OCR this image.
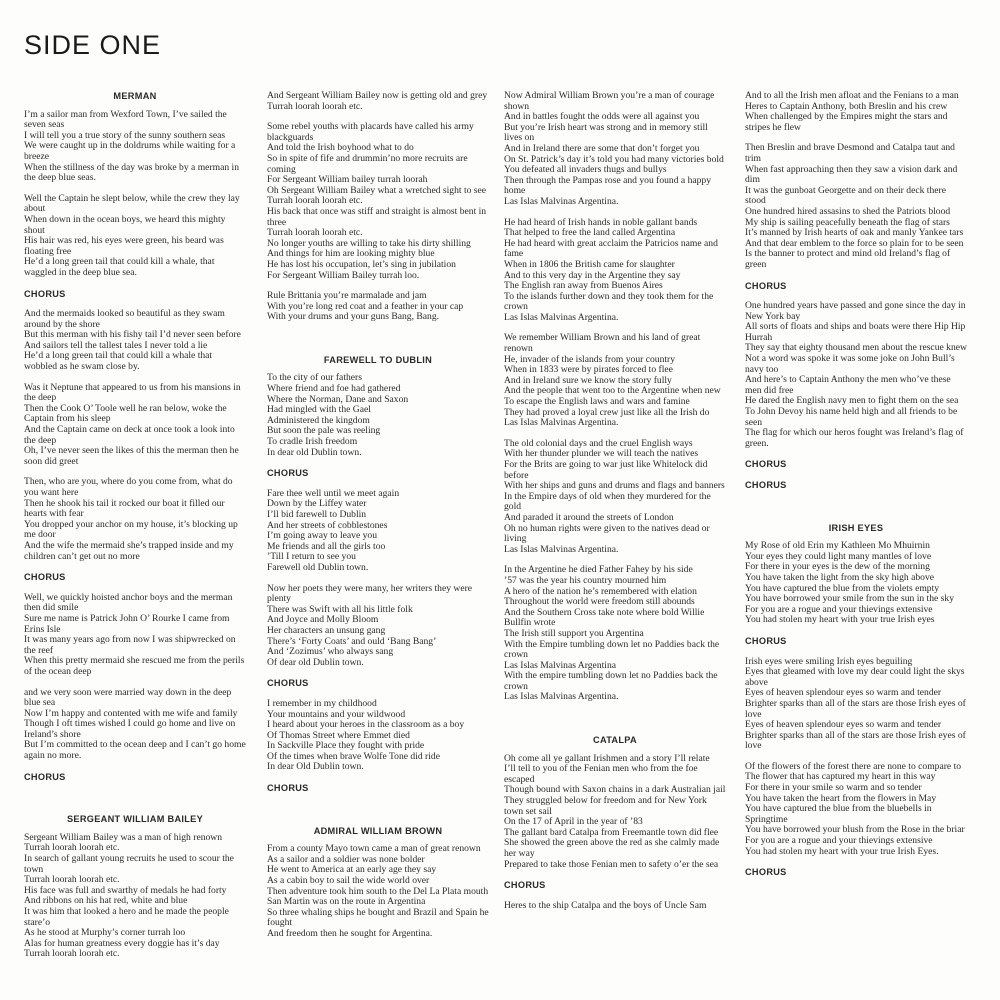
SIDE ONE
MERMAN
I’m a sailor man from Wexford Town, I’ve sailed the seven seas
I will tell you a true story of the sunny southern seas
We were caught up in the doldrums while waiting for a breeze
When the stillness of the day was broke by a merman in the deep blue seas.
Well the Captain he slept below, while the crew they lay about
When down in the ocean boys, we heard this mighty shout
His hair was red, his eyes were green, his beard was floating free
He’d a long green tail that could kill a whale, that waggled in the deep blue sea.
CHORUS
And the mermaids looked so beautiful as they swam around by the shore
But this merman with his fishy tail I’d never seen before
And sailors tell the tallest tales I never told a lie
He’d a long green tail that could kill a whale that wobbled as he swam close by.
Was it Neptune that appeared to us from his mansions in the deep
Then the Cook O’ Toole well he ran below, woke the Captain from his sleep
And the Captain came on deck at once took a look into the deep
Oh, I’ve never seen the likes of this the merman then he soon did greet
Then, who are you, where do you come from, what do you want here
Then he shook his tail it rocked our boat it filled our hearts with fear
You dropped your anchor on my house, it’s blocking up me door
And the wife the mermaid she’s trapped inside and my children can’t get out no more
CHORUS
Well, we quickly hoisted anchor boys and the merman then did smile
Sure me name is Patrick John O’ Rourke I came from Erins Isle
It was many years ago from now I was shipwrecked on the reef
When this pretty mermaid she rescued me from the perils of the ocean deep
and we very soon were married way down in the deep blue sea
Now I’m happy and contented with me wife and family
Though I oft times wished I could go home and live on Ireland’s shore
But I’m committed to the ocean deep and I can’t go home again no more.
CHORUS
SERGEANT WILLIAM BAILEY
Sergeant William Bailey was a man of high renown
Turrah loorah loorah etc.
In search of gallant young recruits he used to scour the town
Turrah loorah loorah etc.
His face was full and swarthy of medals he had forty
And ribbons on his hat red, white and blue
It was him that looked a hero and he made the people stare’o
As he stood at Murphy’s corner turrah loo
Alas for human greatness every doggie has it’s day
Turrah loorah loorah etc.
And Sergeant William Bailey now is getting old and grey
Turrah loorah loorah etc.
Some rebel youths with placards have called his army blackguards
And told the Irish boyhood what to do
So in spite of fife and drummin’no more recruits are coming
For Sergeant William bailey turrah loorah
Oh Sergeant William Bailey what a wretched sight to see
Turrah loorah loorah etc.
His back that once was stiff and straight is almost bent in three
Turrah loorah loorah etc.
No longer youths are willing to take his dirty shilling
And things for him are looking mighty blue
He has lost his occupation, let’s sing in jubilation
For Sergeant William Bailey turrah loo.
Rule Brittania you’re marmalade and jam
With you’re long red coat and a feather in your cap
With your drums and your guns Bang, Bang.
FAREWELL TO DUBLIN
To the city of our fathers
Where friend and foe had gathered
Where the Norman, Dane and Saxon
Had mingled with the Gael
Administered the kingdom
But soon the pale was reeling
To cradle Irish freedom
In dear old Dublin town.
CHORUS
Fare thee well until we meet again
Down by the Liffey water
I’ll bid farewell to Dublin
And her streets of cobblestones
I’m going away to leave you
Me friends and all the girls too
’Till I return to see you
Farewell old Dublin town.
Now her poets they were many, her writers they were plenty
There was Swift with all his little folk
And Joyce and Molly Bloom
Her characters an unsung gang
There’s ‘Forty Coats’ and ould ‘Bang Bang’
And ‘Zozimus’ who always sang
Of dear old Dublin town.
CHORUS
I remember in my childhood
Your mountains and your wildwood
I heard about your heroes in the classroom as a boy
Of Thomas Street where Emmet died
In Sackville Place they fought with pride
Of the times when brave Wolfe Tone did ride
In dear Old Dublin town.
CHORUS
ADMIRAL WILLIAM BROWN
From a county Mayo town came a man of great renown
As a sailor and a soldier was none bolder
He went to America at an early age they say
As a cabin boy to sail the wide world over
Then adventure took him south to the Del La Plata mouth
San Martin was on the route in Argentina
So three whaling ships he bought and Brazil and Spain he fought
And freedom then he sought for Argentina.
Now Admiral William Brown you’re a man of courage shown
And in battles fought the odds were all against you
But you’re Irish heart was strong and in memory still lives on
And in Ireland there are some that don’t forget you
On St. Patrick’s day it’s told you had many victories bold
You defeated all invaders thugs and bullys
Then through the Pampas rose and you found a happy home
Las Islas Malvinas Argentina.
He had heard of Irish hands in noble gallant bands
That helped to free the land called Argentina
He had heard with great acclaim the Patricios name and fame
When in 1806 the British came for slaughter
And to this very day in the Argentine they say
The English ran away from Buenos Aires
To the islands further down and they took them for the crown
Las Islas Malvinas Argentina.
We remember William Brown and his land of great renown
He, invader of the islands from your country
When in 1833 were by pirates forced to flee
And in Ireland sure we know the story fully
And the people that went too to the Argentine when new
To escape the English laws and wars and famine
They had proved a loyal crew just like all the Irish do
Las Islas Malvinas Argentina.
The old colonial days and the cruel English ways
With her thunder plunder we will teach the natives
For the Brits are going to war just like Whitelock did before
With her ships and guns and drums and flags and banners
In the Empire days of old when they murdered for the gold
And paraded it around the streets of London
Oh no human rights were given to the natives dead or living
Las Islas Malvinas Argentina.
In the Argentine he died Father Fahey by his side
’57 was the year his country mourned him
A hero of the nation he’s remembered with elation
Throughout the world were freedom still abounds
And the Southern Cross take note where bold Willie Bullfin wrote
The Irish still support you Argentina
With the Empire tumbling down let no Paddies back the crown
Las Islas Malvinas Argentina
With the empire tumbling down let no Paddies back the crown
Las Islas Malvinas Argentina.
CATALPA
Oh come all ye gallant Irishmen and a story I’ll relate
I’ll tell to you of the Fenian men who from the foe escaped
Though bound with Saxon chains in a dark Australian jail
They struggled below for freedom and for New York town set sail
On the 17 of April in the year of ’83
The gallant bard Catalpa from Freemantle town did flee
She showed the green above the red as she calmly made her way
Prepared to take those Fenian men to safety o’er the sea
CHORUS
Heres to the ship Catalpa and the boys of Uncle Sam
And to all the Irish men afloat and the Fenians to a man
Heres to Captain Anthony, both Breslin and his crew
When challenged by the Empires might the stars and stripes he flew
Then Breslin and brave Desmond and Catalpa taut and trim
When fast approaching then they saw a vision dark and dim
It was the gunboat Georgette and on their deck there stood
One hundred hired assasins to shed the Patriots blood
My ship is sailing peacefully beneath the flag of stars
It’s manned by Irish hearts of oak and manly Yankee tars
And that dear emblem to the force so plain for to be seen
Is the banner to protect and mind old Ireland’s flag of green
CHORUS
One hundred years have passed and gone since the day in New York bay
All sorts of floats and ships and boats were there Hip Hip Hurrah
They say that eighty thousand men about the rescue knew
Not a word was spoke it was some joke on John Bull’s navy too
And here’s to Captain Anthony the men who’ve these men did free
He dared the English navy men to fight them on the sea
To John Devoy his name held high and all friends to be seen
The flag for which our heros fought was Ireland’s flag of green.
CHORUS
CHORUS
IRISH EYES
My Rose of old Erin my Kathleen Mo Mhuirnin
Your eyes they could light many mantles of love
For there in your eyes is the dew of the morning
You have taken the light from the sky high above
You have captured the blue from the violets empty
You have borrowed your smile from the sun in the sky
For you are a rogue and your thievings extensive
You had stolen my heart with your true Irish eyes
CHORUS
Irish eyes were smiling Irish eyes beguiling
Eyes that gleamed with love my dear could light the skys above
Eyes of heaven splendour eyes so warm and tender
Brighter sparks than all of the stars are those Irish eyes of love
Eyes of heaven splendour eyes so warm and tender
Brighter sparks than all of the stars are those Irish eyes of love
Of the flowers of the forest there are none to compare to
The flower that has captured my heart in this way
For there in your smile so warm and so tender
You have taken the heart from the flowers in May
You have captured the blue from the bluebells in Springtime
You have borrowed your blush from the Rose in the briar
For you are a rogue and your thievings extensive
You had stolen my heart with your true Irish Eyes.
CHORUS
